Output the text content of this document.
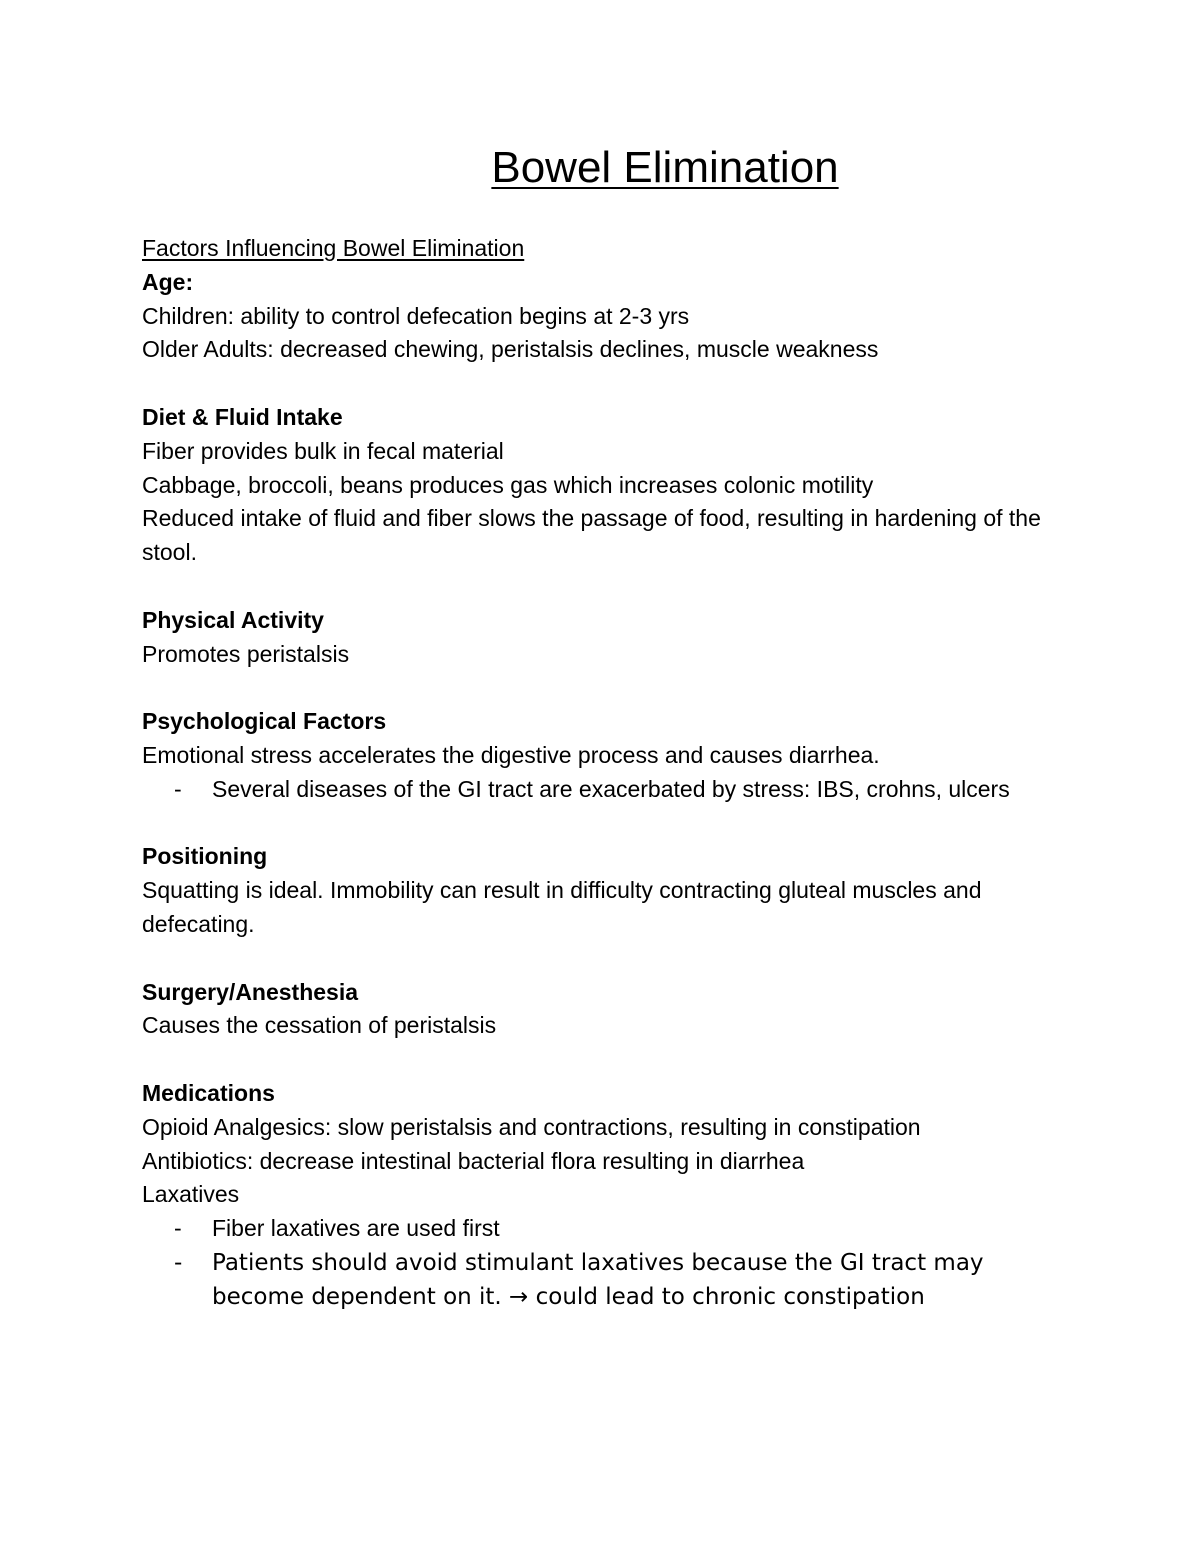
Bowel Elimination
Factors Influencing Bowel Elimination
Age:
Children: ability to control defecation begins at 2-3 yrs
Older Adults: decreased chewing, peristalsis declines, muscle weakness
Diet & Fluid Intake
Fiber provides bulk in fecal material
Cabbage, broccoli, beans produces gas which increases colonic motility
Reduced intake of fluid and fiber slows the passage of food, resulting in hardening of the stool.
Physical Activity
Promotes peristalsis
Psychological Factors
Emotional stress accelerates the digestive process and causes diarrhea.
- Several diseases of the GI tract are exacerbated by stress: IBS, crohns, ulcers
Positioning
Squatting is ideal. Immobility can result in difficulty contracting gluteal muscles and defecating.
Surgery/Anesthesia
Causes the cessation of peristalsis
Medications
Opioid Analgesics: slow peristalsis and contractions, resulting in constipation
Antibiotics: decrease intestinal bacterial flora resulting in diarrhea
Laxatives
- Fiber laxatives are used first
- Patients should avoid stimulant laxatives because the GI tract may become dependent on it. → could lead to chronic constipation
